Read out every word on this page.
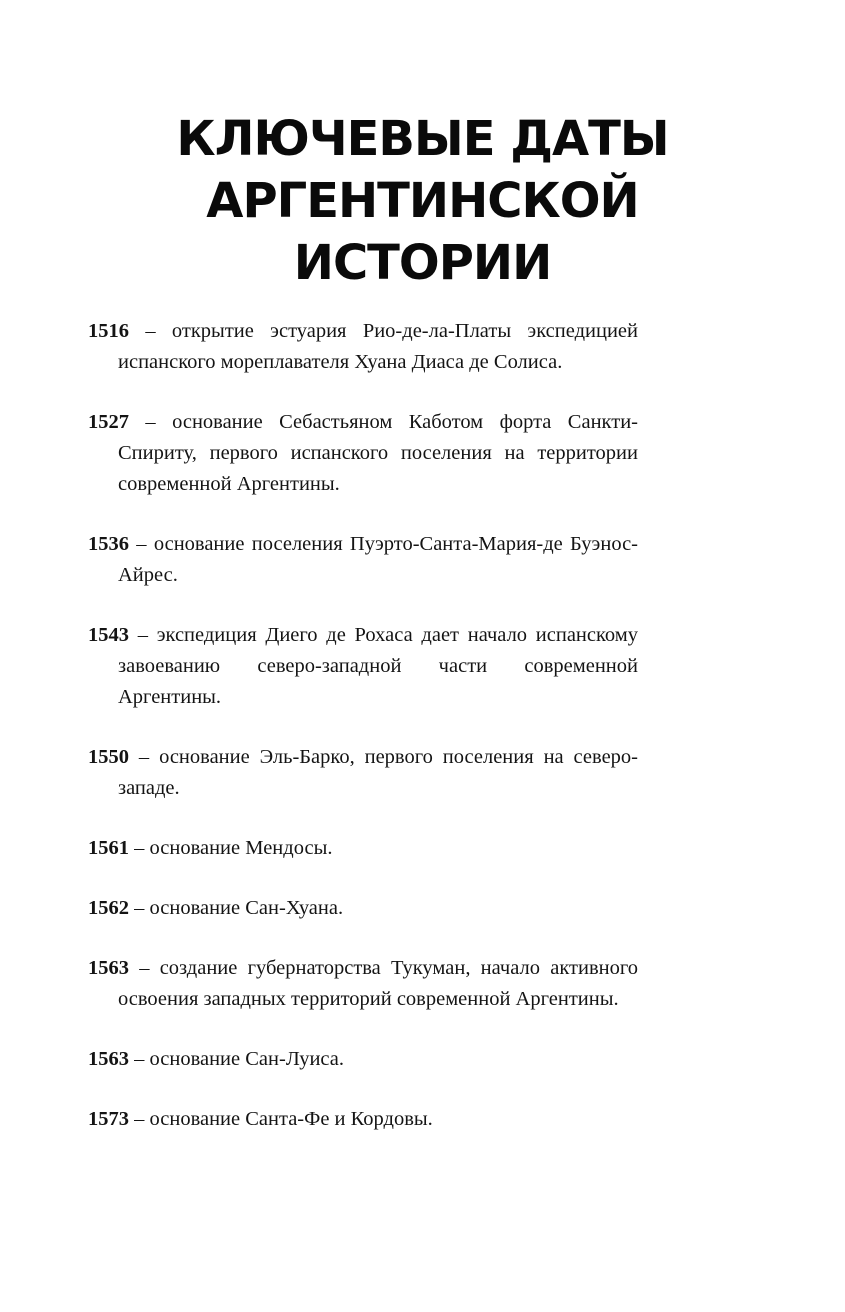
КЛЮЧЕВЫЕ ДАТЫ
АРГЕНТИНСКОЙ
ИСТОРИИ

1516 – открытие эстуария Рио-де-ла-Платы экспедицией испанского мореплавателя Хуана Диаса де Солиса.

1527 – основание Себастьяном Каботом форта Санкти-Спириту, первого испанского поселения на территории современной Аргентины.

1536 – основание поселения Пуэрто-Санта-Мария-де Буэнос-Айрес.

1543 – экспедиция Диего де Рохаса дает начало испанскому завоеванию северо-западной части современной Аргентины.

1550 – основание Эль-Барко, первого поселения на северо-западе.

1561 – основание Мендосы.

1562 – основание Сан-Хуана.

1563 – создание губернаторства Тукуман, начало активного освоения западных территорий современной Аргентины.

1563 – основание Сан-Луиса.

1573 – основание Санта-Фе и Кордовы.
